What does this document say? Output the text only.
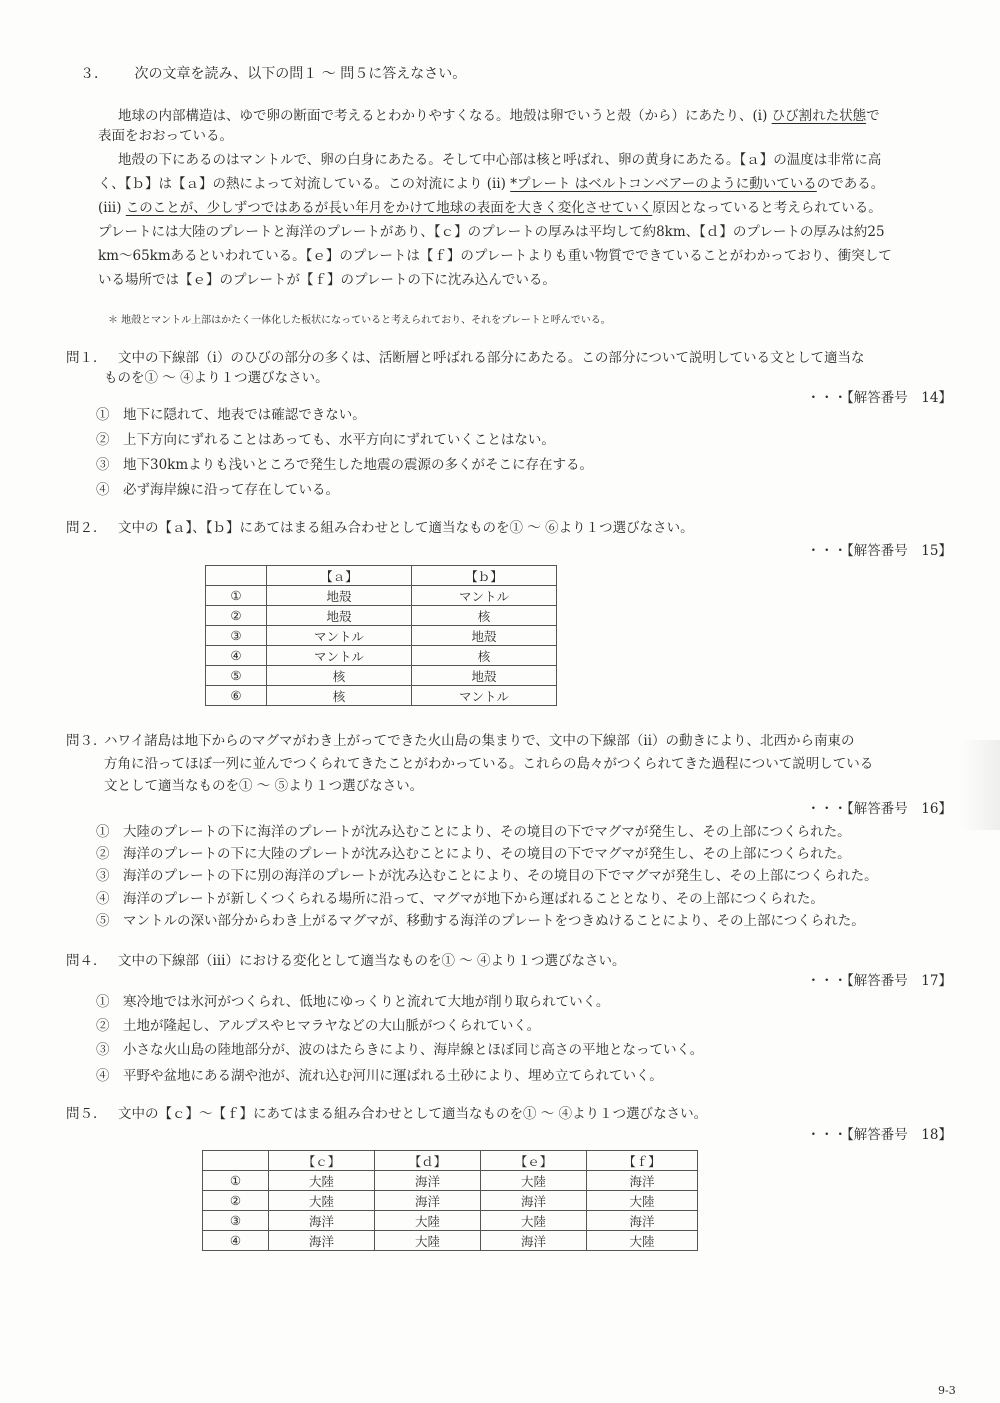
３． 次の文章を読み、以下の問１ ～ 問５に答えなさい。
地球の内部構造は、ゆで卵の断面で考えるとわかりやすくなる。地殻は卵でいうと殻（から）にあたり、(ⅰ) ひび割れた状態で
表面をおおっている。
地殻の下にあるのはマントルで、卵の白身にあたる。そして中心部は核と呼ばれ、卵の黄身にあたる。【ａ】の温度は非常に高
く、【ｂ】は【ａ】の熱によって対流している。この対流により (ⅱ) *プレート はベルトコンベアーのように動いているのである。
(ⅲ) このことが、少しずつではあるが長い年月をかけて地球の表面を大きく変化させていく原因となっていると考えられている。
プレートには大陸のプレートと海洋のプレートがあり、【ｃ】のプレートの厚みは平均して約8km、【ｄ】のプレートの厚みは約25
km～65kmあるといわれている。【ｅ】のプレートは【ｆ】のプレートよりも重い物質でできていることがわかっており、衝突して
いる場所では【ｅ】のプレートが【ｆ】のプレートの下に沈み込んでいる。
＊ 地殻とマントル上部はかたく一体化した板状になっていると考えられており、それをプレートと呼んでいる。
問１． 文中の下線部（ⅰ）のひびの部分の多くは、活断層と呼ばれる部分にあたる。この部分について説明している文として適当な
ものを① ～ ④より１つ選びなさい。
・・・【解答番号　14】
①　地下に隠れて、地表では確認できない。
②　上下方向にずれることはあっても、水平方向にずれていくことはない。
③　地下30kmよりも浅いところで発生した地震の震源の多くがそこに存在する。
④　必ず海岸線に沿って存在している。
問２． 文中の【ａ】、【ｂ】にあてはまる組み合わせとして適当なものを① ～ ⑥より１つ選びなさい。
・・・【解答番号　15】
	【ａ】	【ｂ】
①	地殻	マントル
②	地殻	核
③	マントル	地殻
④	マントル	核
⑤	核	地殻
⑥	核	マントル
問３．
ハワイ諸島は地下からのマグマがわき上がってできた火山島の集まりで、文中の下線部（ⅱ）の動きにより、北西から南東の
方角に沿ってほぼ一列に並んでつくられてきたことがわかっている。これらの島々がつくられてきた過程について説明している
文として適当なものを① ～ ⑤より１つ選びなさい。
・・・【解答番号　16】
①　大陸のプレートの下に海洋のプレートが沈み込むことにより、その境目の下でマグマが発生し、その上部につくられた。
②　海洋のプレートの下に大陸のプレートが沈み込むことにより、その境目の下でマグマが発生し、その上部につくられた。
③　海洋のプレートの下に別の海洋のプレートが沈み込むことにより、その境目の下でマグマが発生し、その上部につくられた。
④　海洋のプレートが新しくつくられる場所に沿って、マグマが地下から運ばれることとなり、その上部につくられた。
⑤　マントルの深い部分からわき上がるマグマが、移動する海洋のプレートをつきぬけることにより、その上部につくられた。
問４． 文中の下線部（ⅲ）における変化として適当なものを① ～ ④より１つ選びなさい。
・・・【解答番号　17】
①　寒冷地では氷河がつくられ、低地にゆっくりと流れて大地が削り取られていく。
②　土地が隆起し、アルプスやヒマラヤなどの大山脈がつくられていく。
③　小さな火山島の陸地部分が、波のはたらきにより、海岸線とほぼ同じ高さの平地となっていく。
④　平野や盆地にある湖や池が、流れ込む河川に運ばれる土砂により、埋め立てられていく。
問５． 文中の【ｃ】～【ｆ】にあてはまる組み合わせとして適当なものを① ～ ④より１つ選びなさい。
・・・【解答番号　18】
	【ｃ】	【ｄ】	【ｅ】	【ｆ】
①	大陸	海洋	大陸	海洋
②	大陸	海洋	海洋	大陸
③	海洋	大陸	大陸	海洋
④	海洋	大陸	海洋	大陸
9-3
